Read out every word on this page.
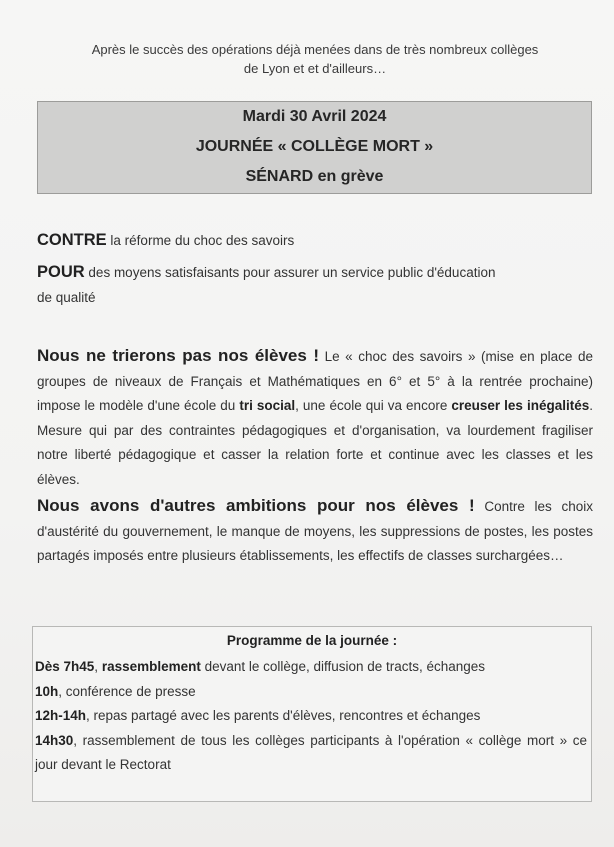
Après le succès des opérations déjà menées dans de très nombreux collèges
de Lyon et et d'ailleurs…
Mardi 30 Avril 2024
JOURNÉE « COLLÈGE MORT »
SÉNARD en grève
CONTRE la réforme du choc des savoirs
POUR des moyens satisfaisants pour assurer un service public d'éducation
de qualité
Nous ne trierons pas nos élèves ! Le « choc des savoirs » (mise en place de groupes de niveaux de Français et Mathématiques en 6° et 5° à la rentrée prochaine) impose le modèle d'une école du tri social, une école qui va encore creuser les inégalités. Mesure qui par des contraintes pédagogiques et d'organisation, va lourdement fragiliser notre liberté pédagogique et casser la relation forte et continue avec les classes et les élèves.
Nous avons d'autres ambitions pour nos élèves ! Contre les choix d'austérité du gouvernement, le manque de moyens, les suppressions de postes, les postes partagés imposés entre plusieurs établissements, les effectifs de classes surchargées…
Programme de la journée :

Dès 7h45, rassemblement devant le collège, diffusion de tracts, échanges

10h, conférence de presse

12h-14h, repas partagé avec les parents d'élèves, rencontres et échanges

14h30, rassemblement de tous les collèges participants à l'opération « collège mort » ce jour devant le Rectorat
